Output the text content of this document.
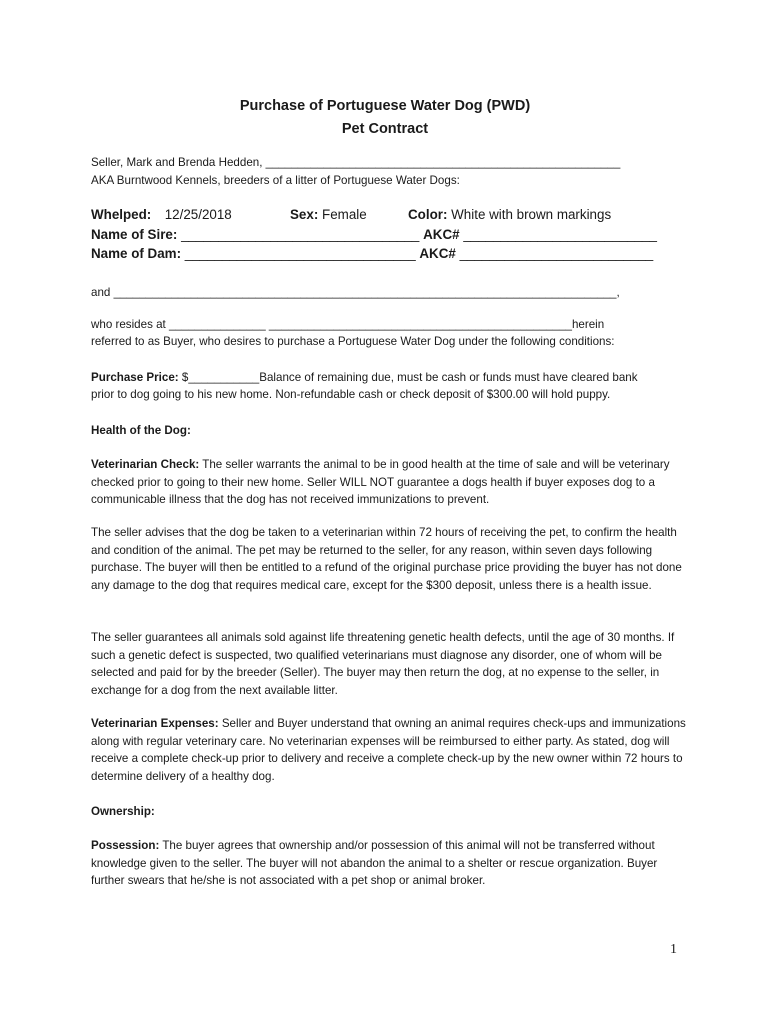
Purchase of Portuguese Water Dog (PWD)
Pet Contract
Seller, Mark and Brenda Hedden, _______________________________________________________
AKA Burntwood Kennels, breeders of a litter of Portuguese Water Dogs:
Whelped: 12/25/2018	Sex: Female	Color: White with brown markings
Name of Sire: ________________________________ AKC# __________________________
Name of Dam: _______________________________ AKC# __________________________
and ______________________________________________________________________________,
who resides at _______________ _______________________________________________herein
referred to as Buyer, who desires to purchase a Portuguese Water Dog under the following conditions:
Purchase Price: $___________Balance of remaining due, must be cash or funds must have cleared bank
prior to dog going to his new home. Non-refundable cash or check deposit of $300.00 will hold puppy.
Health of the Dog:
Veterinarian Check: The seller warrants the animal to be in good health at the time of sale and will be veterinary checked prior to going to their new home. Seller WILL NOT guarantee a dogs health if buyer exposes dog to a communicable illness that the dog has not received immunizations to prevent.
The seller advises that the dog be taken to a veterinarian within 72 hours of receiving the pet, to confirm the health and condition of the animal. The pet may be returned to the seller, for any reason, within seven days following purchase. The buyer will then be entitled to a refund of the original purchase price providing the buyer has not done any damage to the dog that requires medical care, except for the $300 deposit, unless there is a health issue.
The seller guarantees all animals sold against life threatening genetic health defects, until the age of 30 months. If such a genetic defect is suspected, two qualified veterinarians must diagnose any disorder, one of whom will be selected and paid for by the breeder (Seller). The buyer may then return the dog, at no expense to the seller, in exchange for a dog from the next available litter.
Veterinarian Expenses: Seller and Buyer understand that owning an animal requires check-ups and immunizations along with regular veterinary care. No veterinarian expenses will be reimbursed to either party. As stated, dog will receive a complete check-up prior to delivery and receive a complete check-up by the new owner within 72 hours to determine delivery of a healthy dog.
Ownership:
Possession: The buyer agrees that ownership and/or possession of this animal will not be transferred without knowledge given to the seller. The buyer will not abandon the animal to a shelter or rescue organization. Buyer further swears that he/she is not associated with a pet shop or animal broker.
1
